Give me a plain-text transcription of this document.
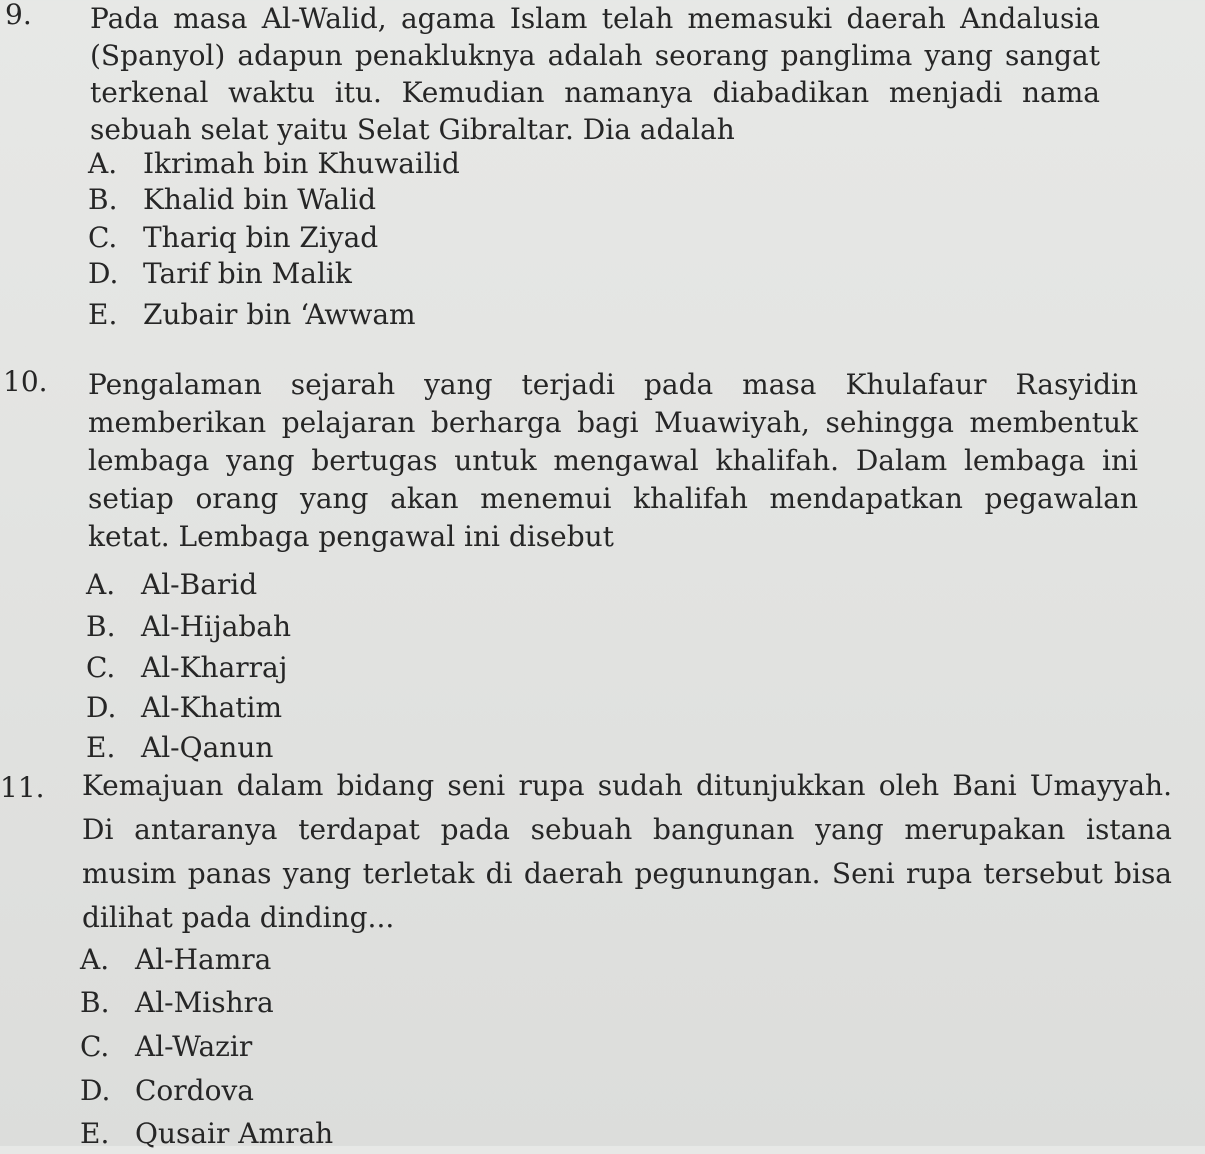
9. Pada masa Al-Walid, agama Islam telah memasuki daerah Andalusia (Spanyol) adapun penakluknya adalah seorang panglima yang sangat terkenal waktu itu. Kemudian namanya diabadikan menjadi nama sebuah selat yaitu Selat Gibraltar. Dia adalah
A. Ikrimah bin Khuwailid
B. Khalid bin Walid
C. Thariq bin Ziyad
D. Tarif bin Malik
E. Zubair bin ‘Awwam
10. Pengalaman sejarah yang terjadi pada masa Khulafaur Rasyidin memberikan pelajaran berharga bagi Muawiyah, sehingga membentuk lembaga yang bertugas untuk mengawal khalifah. Dalam lembaga ini setiap orang yang akan menemui khalifah mendapatkan pegawalan ketat. Lembaga pengawal ini disebut
A. Al-Barid
B. Al-Hijabah
C. Al-Kharraj
D. Al-Khatim
E. Al-Qanun
11. Kemajuan dalam bidang seni rupa sudah ditunjukkan oleh Bani Umayyah. Di antaranya terdapat pada sebuah bangunan yang merupakan istana musim panas yang terletak di daerah pegunungan. Seni rupa tersebut bisa dilihat pada dinding...
A. Al-Hamra
B. Al-Mishra
C. Al-Wazir
D. Cordova
E. Qusair Amrah
